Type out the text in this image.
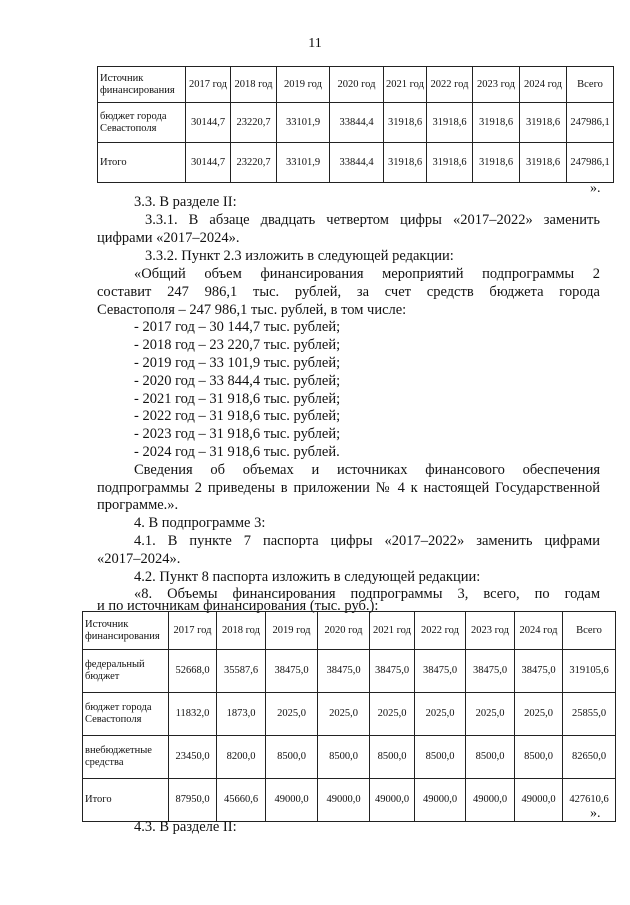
11
Источник финансирования	2017 год	2018 год	2019 год	2020 год	2021 год	2022 год	2023 год	2024 год	Всего
бюджет города Севастополя	30144,7	23220,7	33101,9	33844,4	31918,6	31918,6	31918,6	31918,6	247986,1
Итого	30144,7	23220,7	33101,9	33844,4	31918,6	31918,6	31918,6	31918,6	247986,1
».
3.3. В разделе II:
3.3.1. В абзаце двадцать четвертом цифры «2017–2022» заменить
цифрами «2017–2024».
3.3.2. Пункт 2.3 изложить в следующей редакции:
«Общий объем финансирования мероприятий подпрограммы 2
составит 247 986,1 тыс. рублей, за счет средств бюджета города
Севастополя – 247 986,1 тыс. рублей, в том числе:
- 2017 год – 30 144,7 тыс. рублей;
- 2018 год – 23 220,7 тыс. рублей;
- 2019 год – 33 101,9 тыс. рублей;
- 2020 год – 33 844,4 тыс. рублей;
- 2021 год – 31 918,6 тыс. рублей;
- 2022 год – 31 918,6 тыс. рублей;
- 2023 год – 31 918,6 тыс. рублей;
- 2024 год – 31 918,6 тыс. рублей.
Сведения об объемах и источниках финансового обеспечения
подпрограммы 2 приведены в приложении № 4 к настоящей Государственной
программе.».
4. В подпрограмме 3:
4.1. В пункте 7 паспорта цифры «2017–2022» заменить цифрами
«2017–2024».
4.2. Пункт 8 паспорта изложить в следующей редакции:
«8. Объемы финансирования подпрограммы 3, всего, по годам
и по источникам финансирования (тыс. руб.):
Источник финансирования	2017 год	2018 год	2019 год	2020 год	2021 год	2022 год	2023 год	2024 год	Всего
федеральный бюджет	52668,0	35587,6	38475,0	38475,0	38475,0	38475,0	38475,0	38475,0	319105,6
бюджет города Севастополя	11832,0	1873,0	2025,0	2025,0	2025,0	2025,0	2025,0	2025,0	25855,0
внебюджетные средства	23450,0	8200,0	8500,0	8500,0	8500,0	8500,0	8500,0	8500,0	82650,0
Итого	87950,0	45660,6	49000,0	49000,0	49000,0	49000,0	49000,0	49000,0	427610,6
».
4.3. В разделе II:
